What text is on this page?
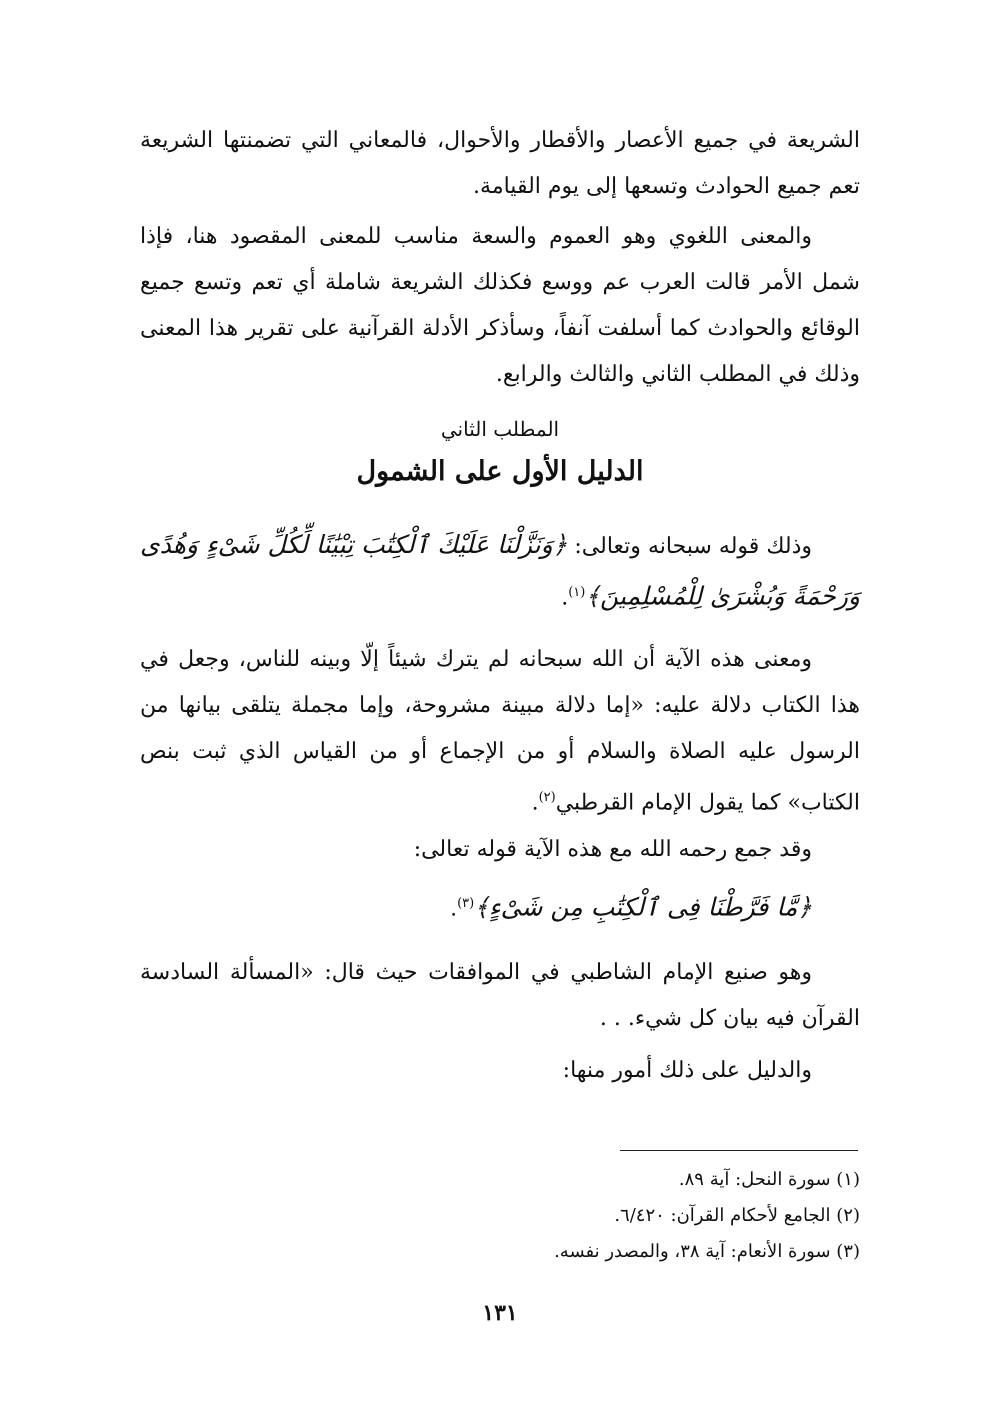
الشريعة في جميع الأعصار والأقطار والأحوال، فالمعاني التي تضمنتها الشريعة تعم جميع الحوادث وتسعها إلى يوم القيامة.

والمعنى اللغوي وهو العموم والسعة مناسب للمعنى المقصود هنا، فإذا شمل الأمر قالت العرب عم ووسع فكذلك الشريعة شاملة أي تعم وتسع جميع الوقائع والحوادث كما أسلفت آنفاً، وسأذكر الأدلة القرآنية على تقرير هذا المعنى وذلك في المطلب الثاني والثالث والرابع.

المطلب الثاني
الدليل الأول على الشمول

وذلك قوله سبحانه وتعالى: ﴿وَنَزَّلْنَا عَلَيْكَ ٱلْكِتَٰبَ تِبْيَٰنًا لِّكُلِّ شَىْءٍ وَهُدًى وَرَحْمَةً وَبُشْرَىٰ لِلْمُسْلِمِينَ﴾$^{(١)}$.

ومعنى هذه الآية أن الله سبحانه لم يترك شيئاً إلّا وبينه للناس، وجعل في هذا الكتاب دلالة عليه: «إما دلالة مبينة مشروحة، وإما مجملة يتلقى بيانها من الرسول عليه الصلاة والسلام أو من الإجماع أو من القياس الذي ثبت بنص الكتاب» كما يقول الإمام القرطبي$^{(٢)}$.

وقد جمع رحمه الله مع هذه الآية قوله تعالى:

﴿مَّا فَرَّطْنَا فِى ٱلْكِتَٰبِ مِن شَىْءٍ﴾$^{(٣)}$.

وهو صنيع الإمام الشاطبي في الموافقات حيث قال: «المسألة السادسة القرآن فيه بيان كل شيء. . .

والدليل على ذلك أمور منها:

(١) سورة النحل: آية ٨٩.

(٢) الجامع لأحكام القرآن: ٦/٤٢٠.

(٣) سورة الأنعام: آية ٣٨، والمصدر نفسه.

١٣١
